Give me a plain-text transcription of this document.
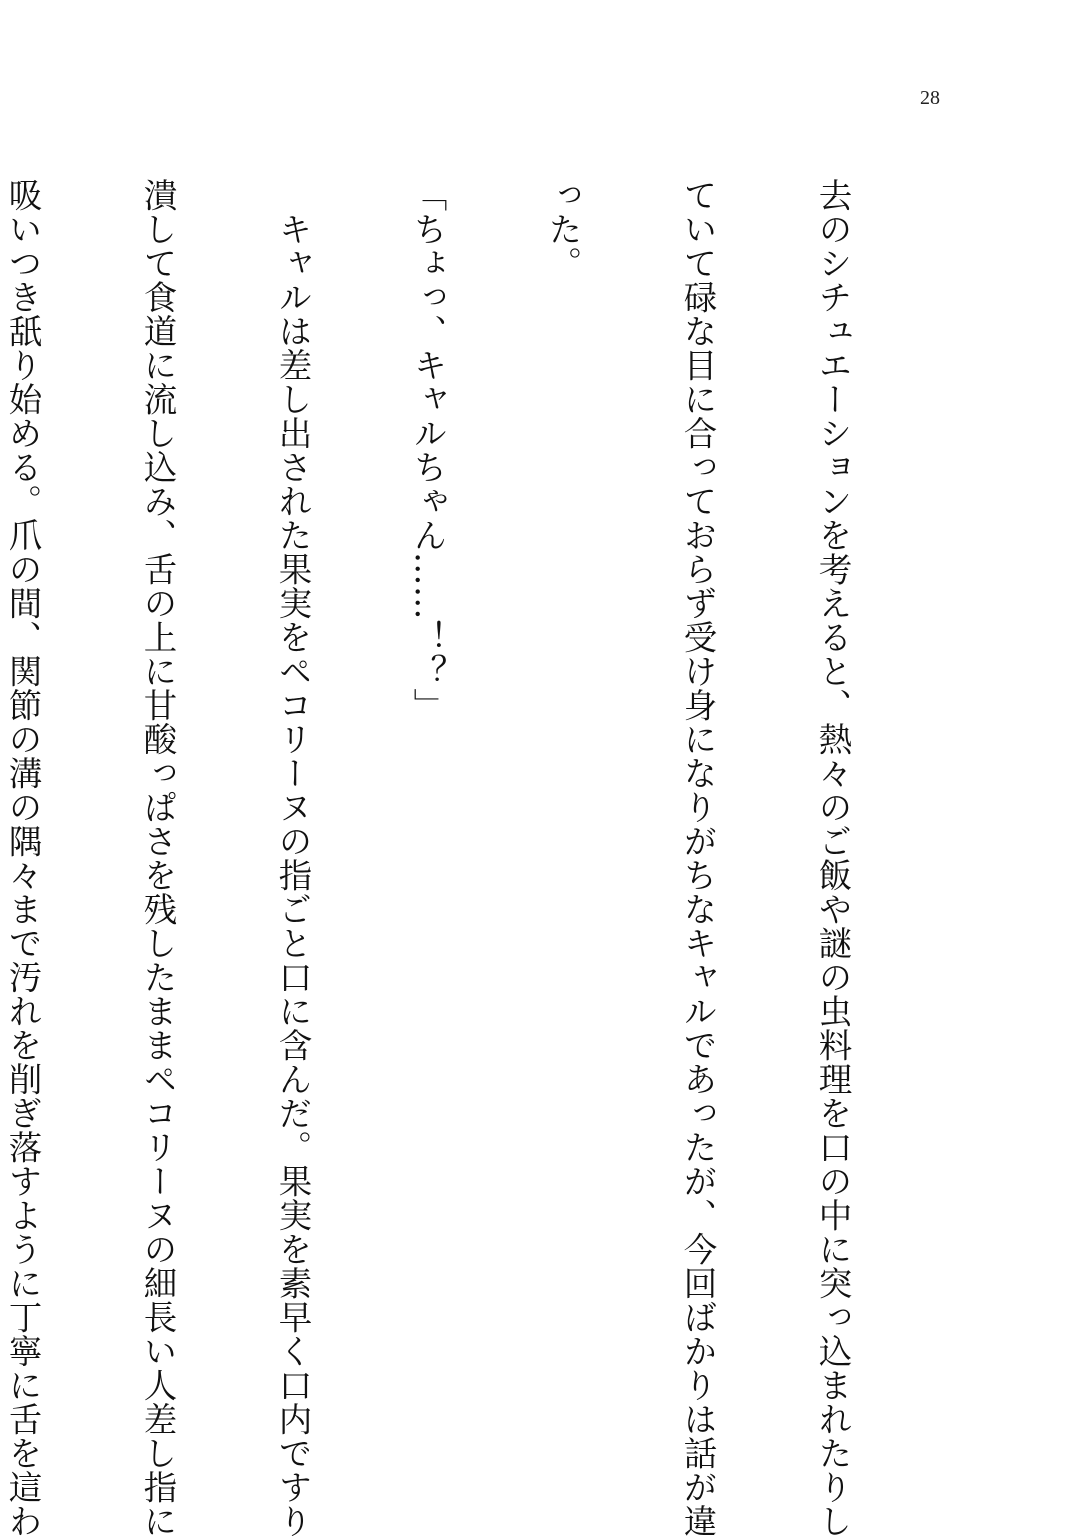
28

去のシチュエーションを考えると、熱々のご飯や謎の虫料理を口の中に突っ込まれたりし

ていて碌な目に合っておらず受け身になりがちなキャルであったが、今回ばかりは話が違

った。

「ちょっ、キャルちゃん……！？」

　キャルは差し出された果実をペコリーヌの指ごと口に含んだ。果実を素早く口内ですり

潰して食道に流し込み、舌の上に甘酸っぱさを残したままペコリーヌの細長い人差し指に

吸いつき舐り始める。爪の間、関節の溝の隅々まで汚れを削ぎ落すように丁寧に舌を這わ
